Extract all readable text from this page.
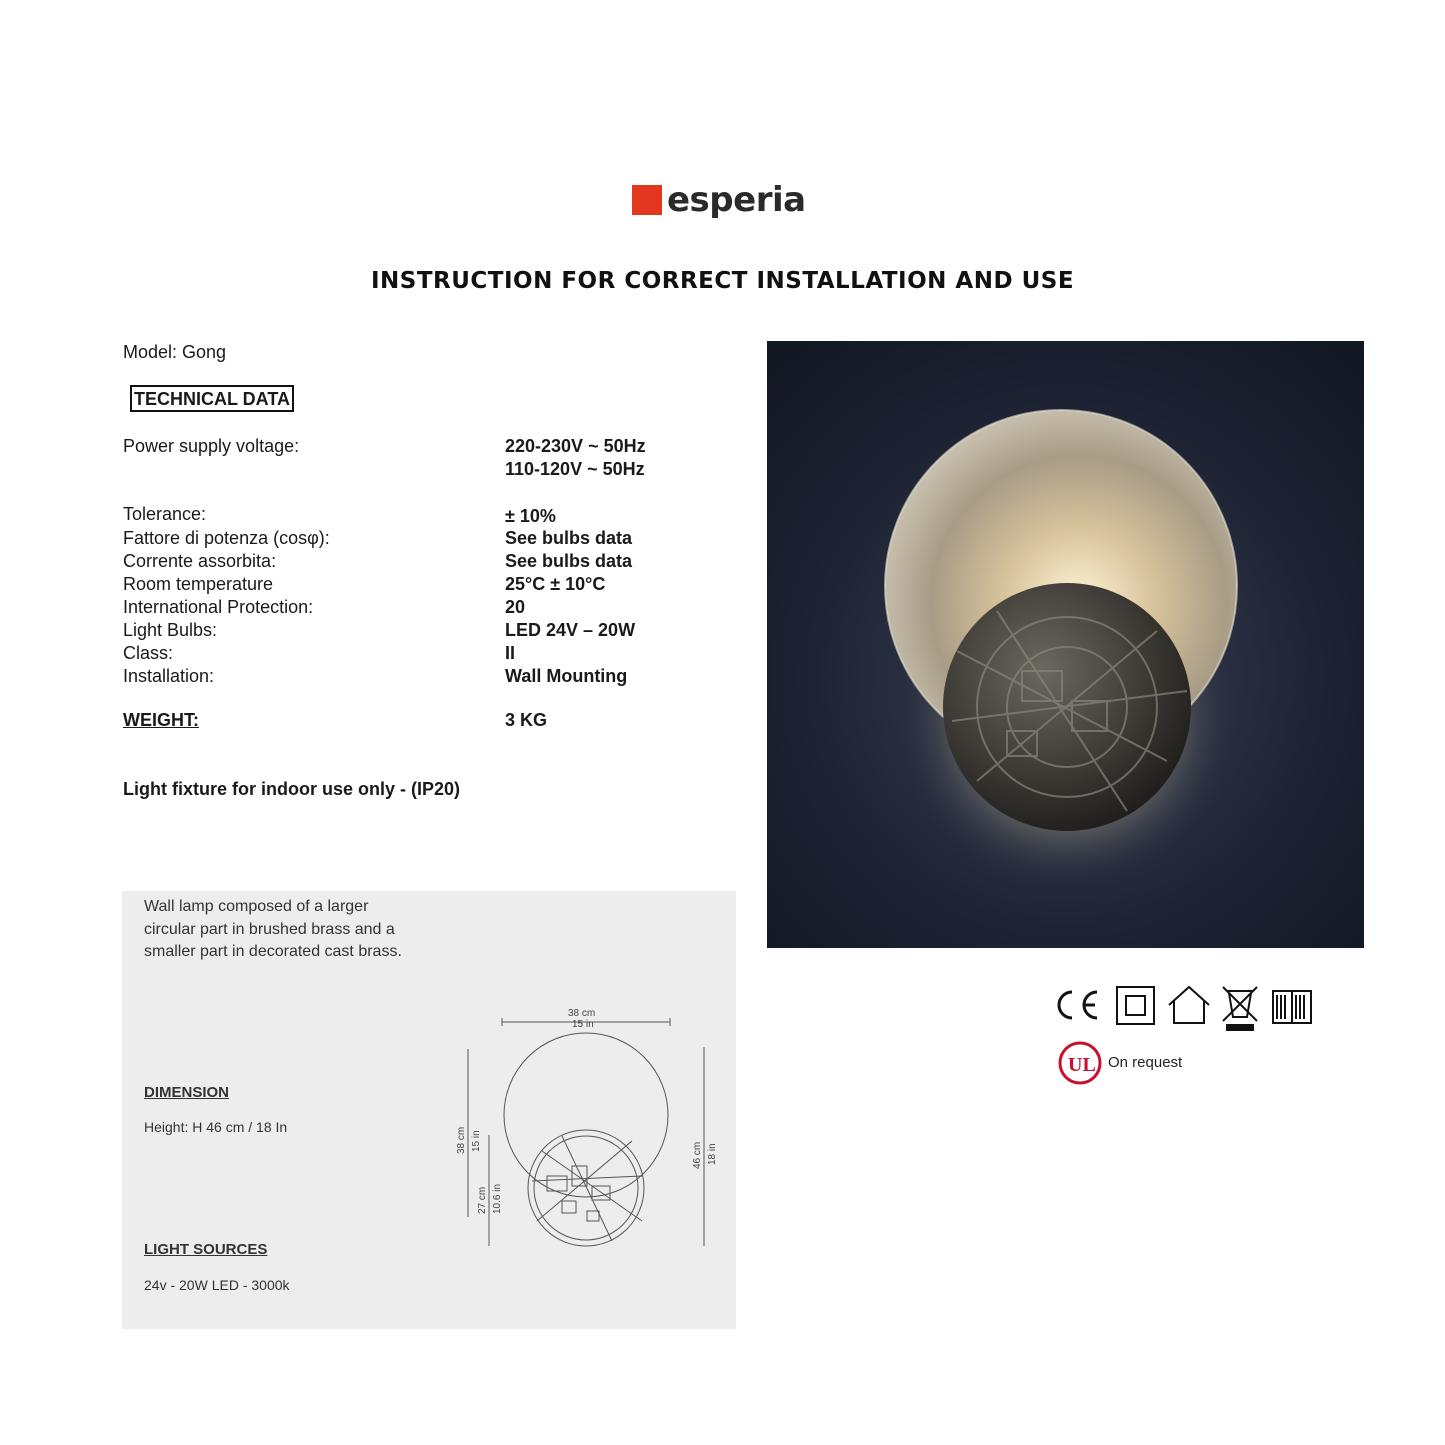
esperia
INSTRUCTION FOR CORRECT INSTALLATION AND USE
Model: Gong
TECHNICAL DATA
Power supply voltage:	220-230V ~ 50Hz
110-120V ~ 50Hz
Tolerance:	± 10%
Fattore di potenza (cosφ):	See bulbs data
Corrente assorbita:	See bulbs data
Room temperature	25°C ± 10°C
International Protection:	20
Light Bulbs:	LED 24V – 20W
Class:	II
Installation:	Wall Mounting
WEIGHT:	3 KG
Light fixture for indoor use only - (IP20)
Wall lamp composed of a larger circular part in brushed brass and a smaller part in decorated cast brass.
DIMENSION
Height: H 46 cm / 18 In
LIGHT SOURCES
24v - 20W LED - 3000k
38 cm
15 in
38 cm 15 in
27 cm 10.6 in
46 cm 18 in
UL On request
